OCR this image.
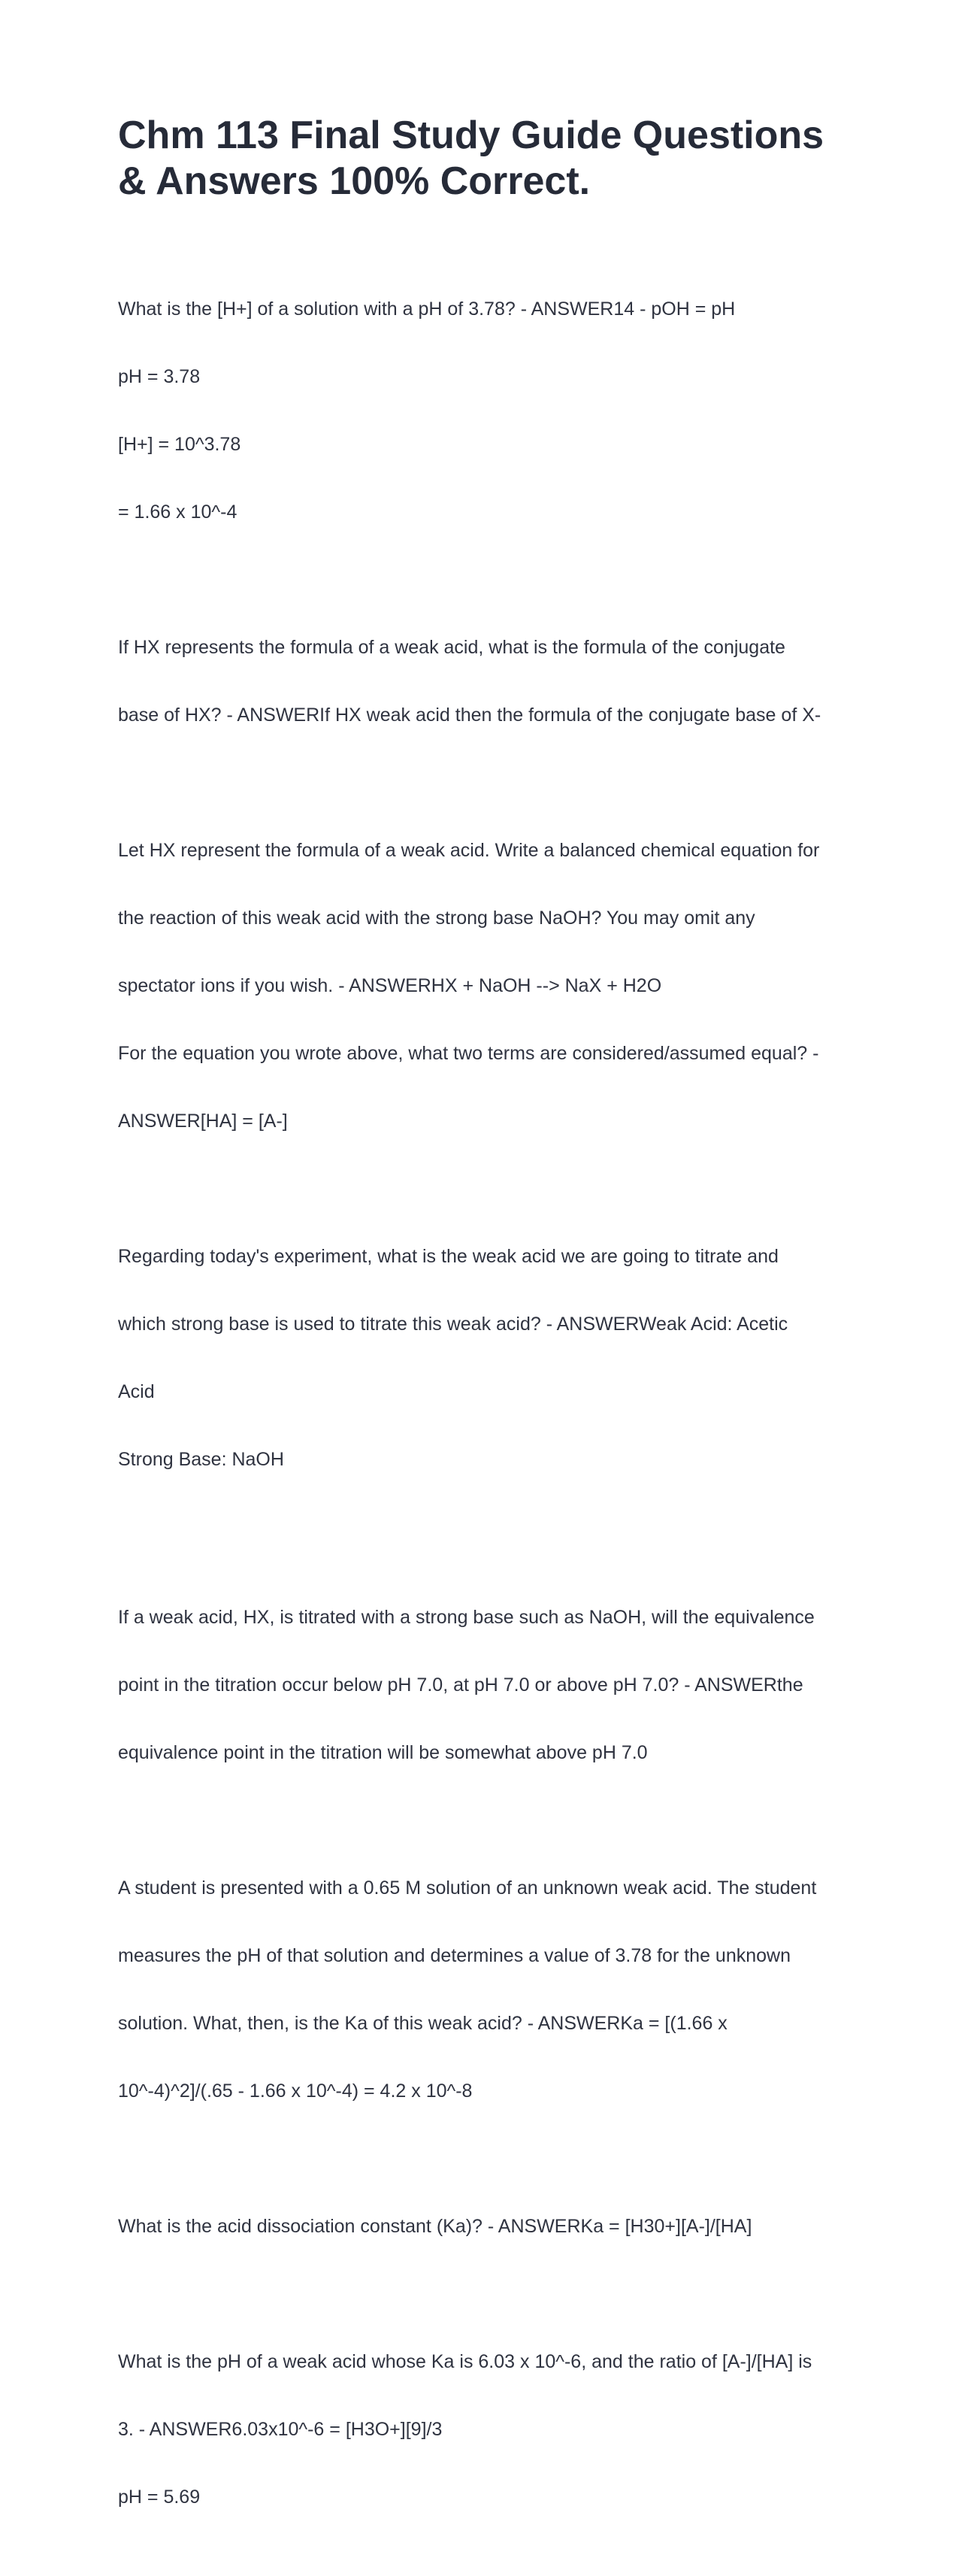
Chm 113 Final Study Guide Questions
& Answers 100% Correct.

What is the [H+] of a solution with a pH of 3.78? - ANSWER14 - pOH = pH

pH = 3.78

[H+] = 10^3.78

= 1.66 x 10^-4

If HX represents the formula of a weak acid, what is the formula of the conjugate

base of HX? - ANSWERIf HX weak acid then the formula of the conjugate base of X-

Let HX represent the formula of a weak acid. Write a balanced chemical equation for

the reaction of this weak acid with the strong base NaOH? You may omit any

spectator ions if you wish. - ANSWERHX + NaOH --> NaX + H2O

For the equation you wrote above, what two terms are considered/assumed equal? -

ANSWER[HA] = [A-]

Regarding today's experiment, what is the weak acid we are going to titrate and

which strong base is used to titrate this weak acid? - ANSWERWeak Acid: Acetic

Acid

Strong Base: NaOH

If a weak acid, HX, is titrated with a strong base such as NaOH, will the equivalence

point in the titration occur below pH 7.0, at pH 7.0 or above pH 7.0? - ANSWERthe

equivalence point in the titration will be somewhat above pH 7.0

A student is presented with a 0.65 M solution of an unknown weak acid. The student

measures the pH of that solution and determines a value of 3.78 for the unknown

solution. What, then, is the Ka of this weak acid? - ANSWERKa = [(1.66 x

10^-4)^2]/(.65 - 1.66 x 10^-4) = 4.2 x 10^-8

What is the acid dissociation constant (Ka)? - ANSWERKa = [H30+][A-]/[HA]

What is the pH of a weak acid whose Ka is 6.03 x 10^-6, and the ratio of [A-]/[HA] is

3. - ANSWER6.03x10^-6 = [H3O+][9]/3

pH = 5.69
